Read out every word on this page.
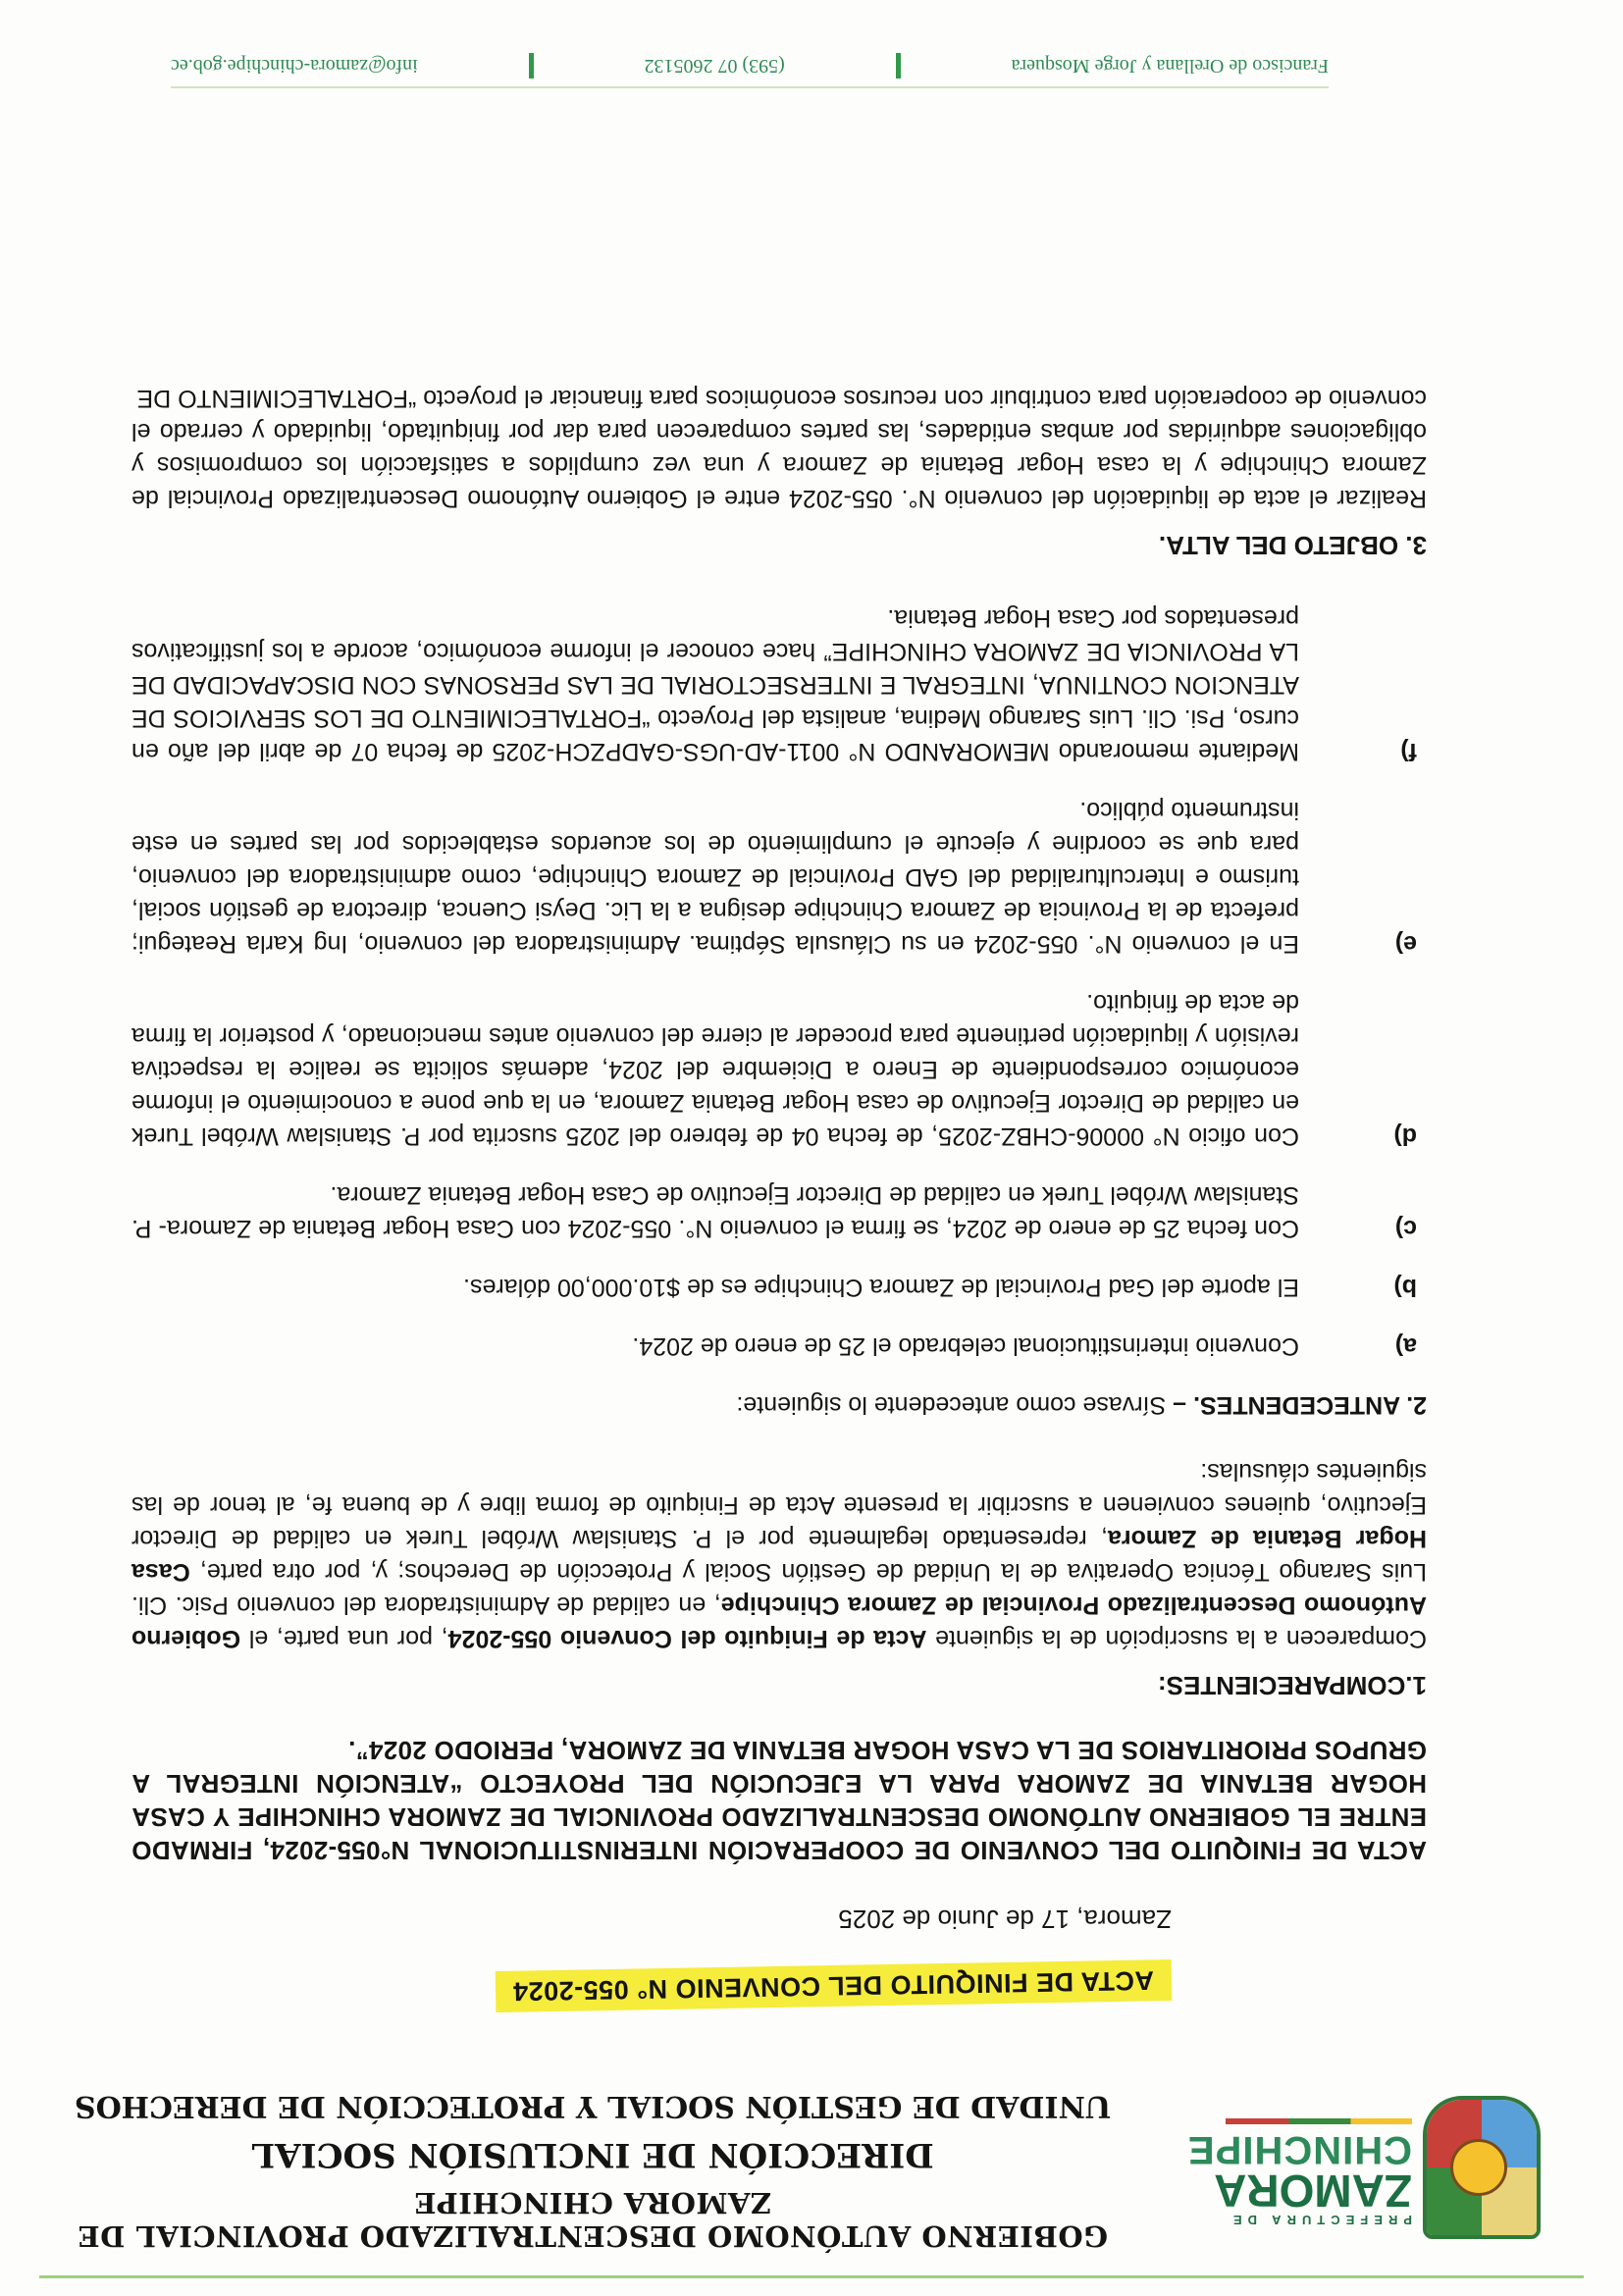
PREFECTURA DE
ZAMORA
CHINCHIPE
GOBIERNO AUTÓNOMO DESCENTRALIZADO PROVINCIAL DE ZAMORA CHINCHIPE
DIRECCIÓN DE INCLUSIÓN SOCIAL
UNIDAD DE GESTIÓN SOCIAL Y PROTECCIÓN DE DERECHOS
ACTA DE FINIQUITO DEL CONVENIO N° 055-2024
Zamora, 17 de Junio de 2025
ACTA DE FINIQUITO DEL CONVENIO DE COOPERACIÓN INTERINSTITUCIONAL N°055-2024, FIRMADO ENTRE EL GOBIERNO AUTÓNOMO DESCENTRALIZADO PROVINCIAL DE ZAMORA CHINCHIPE Y CASA HOGAR BETANIA DE ZAMORA PARA LA EJECUCIÓN DEL PROYECTO “ATENCIÓN INTEGRAL A GRUPOS PRIORITARIOS DE LA CASA HOGAR BETANIA DE ZAMORA, PERIODO 2024”.
1.COMPARECIENTES:

Comparecen a la suscripción de la siguiente Acta de Finiquito del Convenio 055-2024, por una parte, el Gobierno Autónomo Descentralizado Provincial de Zamora Chinchipe, en calidad de Administradora del convenio Psic. Cli. Luis Sarango Técnica Operativa de la Unidad de Gestión Social y Protección de Derechos; y, por otra parte, Casa Hogar Betania de Zamora, representado legalmente por el P. Stanislaw Wróbel Turek en calidad de Director Ejecutivo, quienes convienen a suscribir la presente Acta de Finiquito de forma libre y de buena fe, al tenor de las siguientes cláusulas:

2. ANTECEDENTES. – Sírvase como antecedente lo siguiente:

a)
Convenio interinstitucional celebrado el 25 de enero de 2024.
b)
El aporte del Gad Provincial de Zamora Chinchipe es de $10.000,00 dólares.
c)
Con fecha 25 de enero de 2024, se firma el convenio N°. 055-2024 con Casa Hogar Betania de Zamora- P. Stanislaw Wróbel Turek en calidad de Director Ejecutivo de Casa Hogar Betania Zamora.
d)
Con oficio N° 00006-CHBZ-2025, de fecha 04 de febrero del 2025 suscrita por P. Stanislaw Wróbel Turek en calidad de Director Ejecutivo de casa Hogar Betania Zamora, en la que pone a conocimiento el informe económico correspondiente de Enero a Diciembre del 2024, además solicita se realice la respectiva revisión y liquidación pertinente para proceder al cierre del convenio antes mencionado, y posterior la firma de acta de finiquito.
e)
En el convenio N°. 055-2024 en su Cláusula Séptima. Administradora del convenio, Ing Karla Reategui; prefecta de la Provincia de Zamora Chinchipe designa a la Lic. Deysi Cuenca, directora de gestión social, turismo e Interculturalidad del GAD Provincial de Zamora Chinchipe, como administradora del convenio, para que se coordine y ejecute el cumplimiento de los acuerdos establecidos por las partes en este instrumento público.
f)
Mediante memorando MEMORANDO N° 0011-AD-UGS-GADPZCH-2025 de fecha 07 de abril del año en curso, Psi. Cli. Luis Sarango Medina, analista del Proyecto “FORTALECIMIENTO DE LOS SERVICIOS DE ATENCION CONTINUA, INTEGRAL E INTERSECTORIAL DE LAS PERSONAS CON DISCAPACIDAD DE LA PROVINCIA DE ZAMORA CHINCHIPE” hace conocer el informe económico, acorde a los justificativos presentados por Casa Hogar Betania.
3. OBJETO DEL ALTA.

Realizar el acta de liquidación del convenio N°. 055-2024 entre el Gobierno Autónomo Descentralizado Provincial de Zamora Chinchipe y la casa Hogar Betania de Zamora y una vez cumplidos a satisfacción los compromisos y obligaciones adquiridas por ambas entidades, las partes comparecen para dar por finiquitado, liquidado y cerrado el convenio de cooperación para contribuir con recursos económicos para financiar el proyecto “FORTALECIMIENTO DE

Francisco de Orellana y Jorge Mosquera
(593) 07 2605132
info@zamora-chinchipe.gob.ec
